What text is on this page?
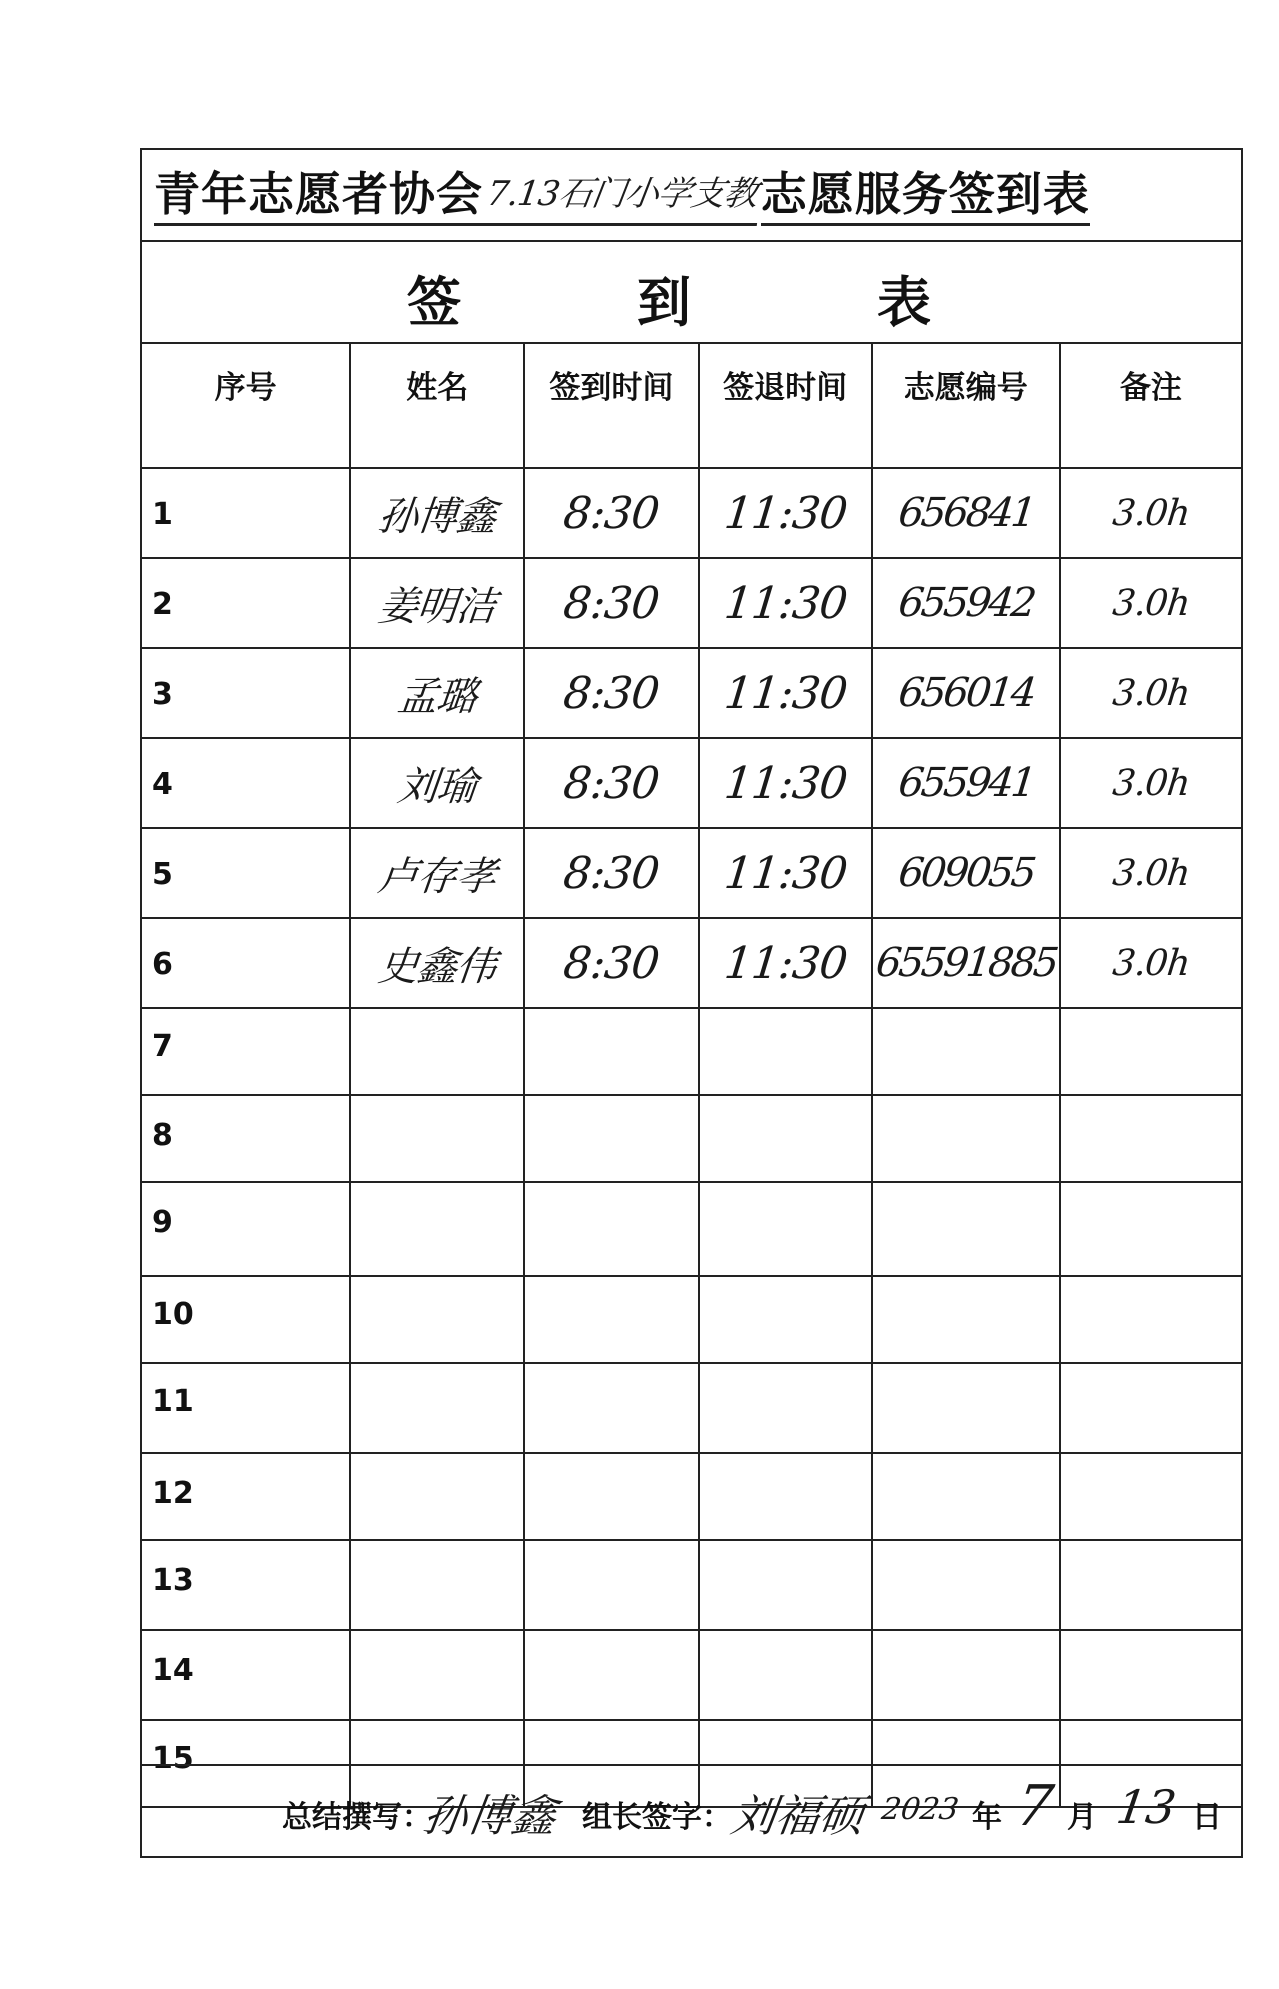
青年志愿者协会 7.13石门小学支教 志愿服务签到表
签	到	表
序号	姓名	签到时间	签退时间	志愿编号	备注

1	孙博鑫	8:30	11:30	656841	3.0h

2	姜明洁	8:30	11:30	655942	3.0h

3	孟璐	8:30	11:30	656014	3.0h

4	刘瑜	8:30	11:30	655941	3.0h

5	卢存孝	8:30	11:30	609055	3.0h

6	史鑫伟	8:30	11:30	65591885	3.0h

7					

8					

9					

10					

11					

12					

13					

14					

15					

总结撰写：
孙博鑫 组长签字：
刘福硕 2023 年 7 月 13 日
